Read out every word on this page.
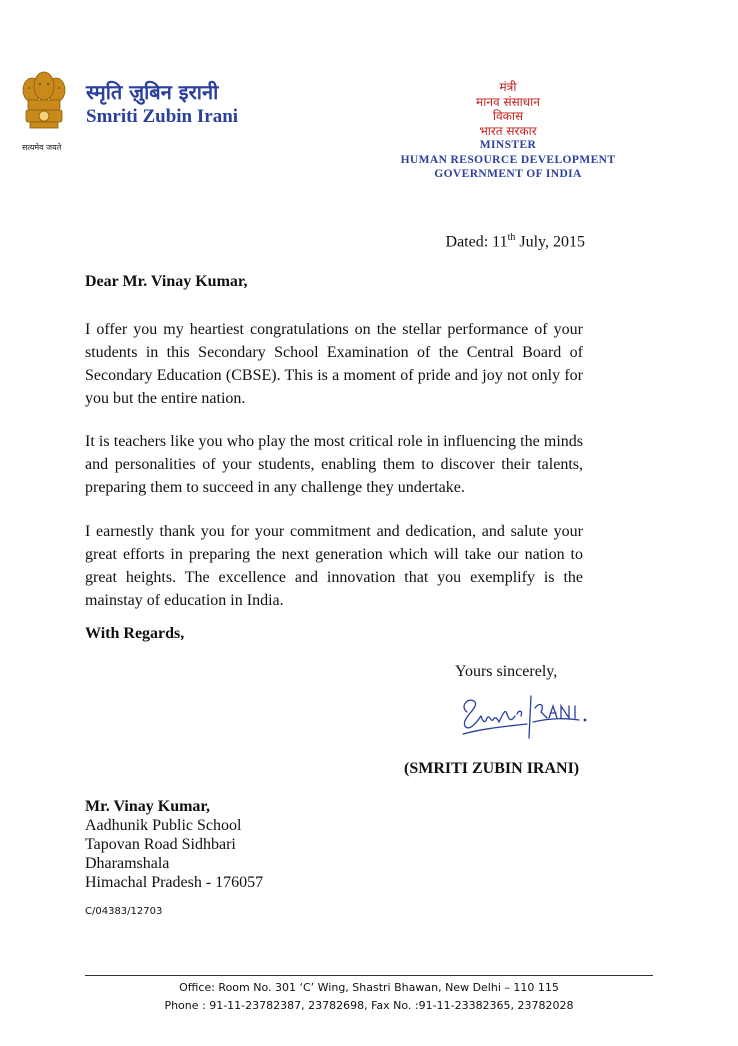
सत्यमेव जयते
स्मृति ज़ुबिन इरानी
Smriti Zubin Irani
मंत्री
मानव संसाधान
विकास
भारत सरकार
MINSTER
HUMAN RESOURCE DEVELOPMENT
GOVERNMENT OF INDIA
Dated: 11th July, 2015
Dear Mr. Vinay Kumar,
I offer you my heartiest congratulations on the stellar performance of your students in this Secondary School Examination of the Central Board of Secondary Education (CBSE). This is a moment of pride and joy not only for you but the entire nation.
It is teachers like you who play the most critical role in influencing the minds and personalities of your students, enabling them to discover their talents, preparing them to succeed in any challenge they undertake.
I earnestly thank you for your commitment and dedication, and salute your great efforts in preparing the next generation which will take our nation to great heights. The excellence and innovation that you exemplify is the mainstay of education in India.
With Regards,
Yours sincerely,
(SMRITI ZUBIN IRANI)
Mr. Vinay Kumar,
Aadhunik Public School
Tapovan Road Sidhbari
Dharamshala
Himachal Pradesh - 176057
C/04383/12703
Office: Room No. 301 ‘C’ Wing, Shastri Bhawan, New Delhi – 110 115
Phone : 91-11-23782387, 23782698, Fax No. :91-11-23382365, 23782028
